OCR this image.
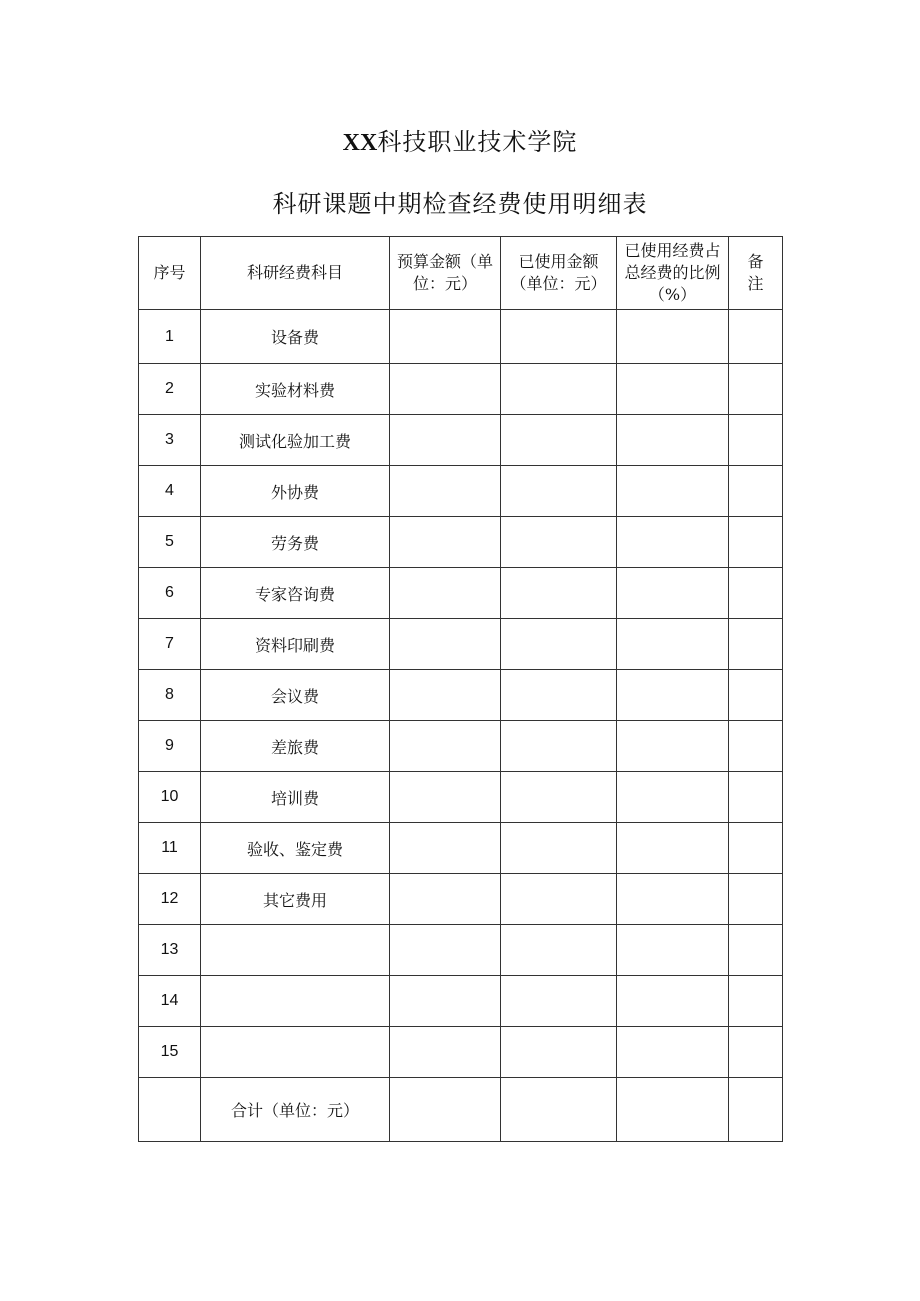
XX科技职业技术学院
科研课题中期检查经费使用明细表
序号	科研经费科目	预算金额（单位：元）	已使用金额（单位：元）	已使用经费占总经费的比例（%）	备注
1	设备费				
2	实验材料费				
3	测试化验加工费				
4	外协费				
5	劳务费				
6	专家咨询费				
7	资料印刷费				
8	会议费				
9	差旅费				
10	培训费				
11	验收、鉴定费				
12	其它费用				
13					
14					
15					
	合计（单位：元）				
